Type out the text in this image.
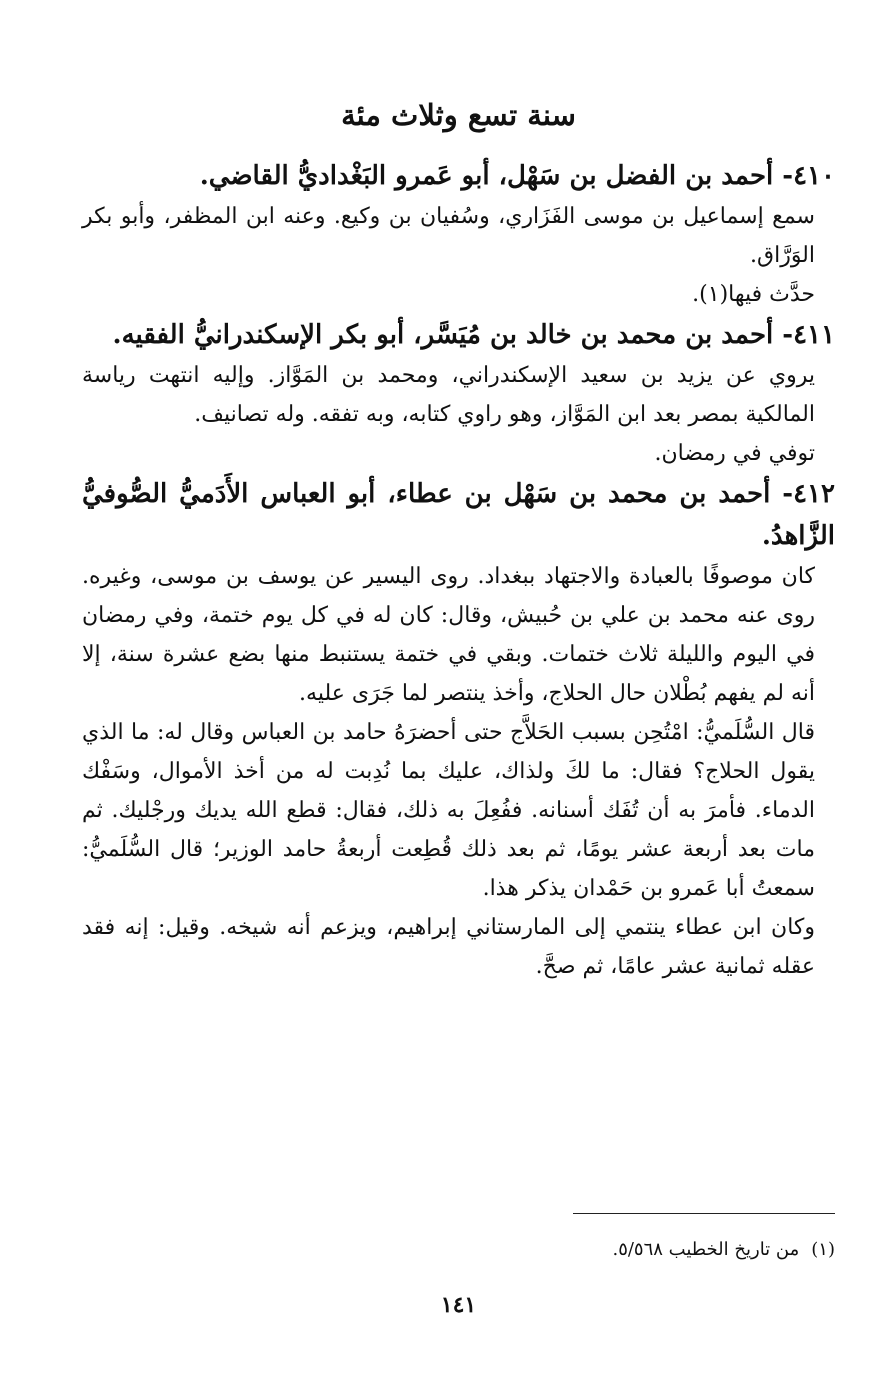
سنة تسع وثلاث مئة
٤١٠- أحمد بن الفضل بن سَهْل، أبو عَمرو البَغْداديُّ القاضي.

سمع إسماعيل بن موسى الفَزَاري، وسُفيان بن وكيع. وعنه ابن المظفر، وأبو بكر الوَرَّاق.

حدَّث فيها(١).

٤١١- أحمد بن محمد بن خالد بن مُيَسَّر، أبو بكر الإسكندرانيُّ الفقيه.

يروي عن يزيد بن سعيد الإسكندراني، ومحمد بن المَوَّاز. وإليه انتهت رياسة المالكية بمصر بعد ابن المَوَّاز، وهو راوي كتابه، وبه تفقه. وله تصانيف.

توفي في رمضان.

٤١٢- أحمد بن محمد بن سَهْل بن عطاء، أبو العباس الأَدَميُّ الصُّوفيُّ الزَّاهدُ.

كان موصوفًا بالعبادة والاجتهاد ببغداد. روى اليسير عن يوسف بن موسى، وغيره. روى عنه محمد بن علي بن حُبيش، وقال: كان له في كل يوم ختمة، وفي رمضان في اليوم والليلة ثلاث ختمات. وبقي في ختمة يستنبط منها بضع عشرة سنة، إلا أنه لم يفهم بُطْلان حال الحلاج، وأخذ ينتصر لما جَرَى عليه.

قال السُّلَميُّ: امْتُحِن بسبب الحَلاَّج حتى أحضرَهُ حامد بن العباس وقال له: ما الذي يقول الحلاج؟ فقال: ما لكَ ولذاك، عليك بما نُدِبت له من أخذ الأموال، وسَفْك الدماء. فأمرَ به أن تُفَك أسنانه. ففُعِلَ به ذلك، فقال: قطع الله يديك ورجْليك. ثم مات بعد أربعة عشر يومًا، ثم بعد ذلك قُطِعت أربعةُ حامد الوزير؛ قال السُّلَميُّ: سمعتُ أبا عَمرو بن حَمْدان يذكر هذا.

وكان ابن عطاء ينتمي إلى المارستاني إبراهيم، ويزعم أنه شيخه. وقيل: إنه فقد عقله ثمانية عشر عامًا، ثم صحَّ.

(١)
من تاريخ الخطيب ٥/٥٦٨.
١٤١
